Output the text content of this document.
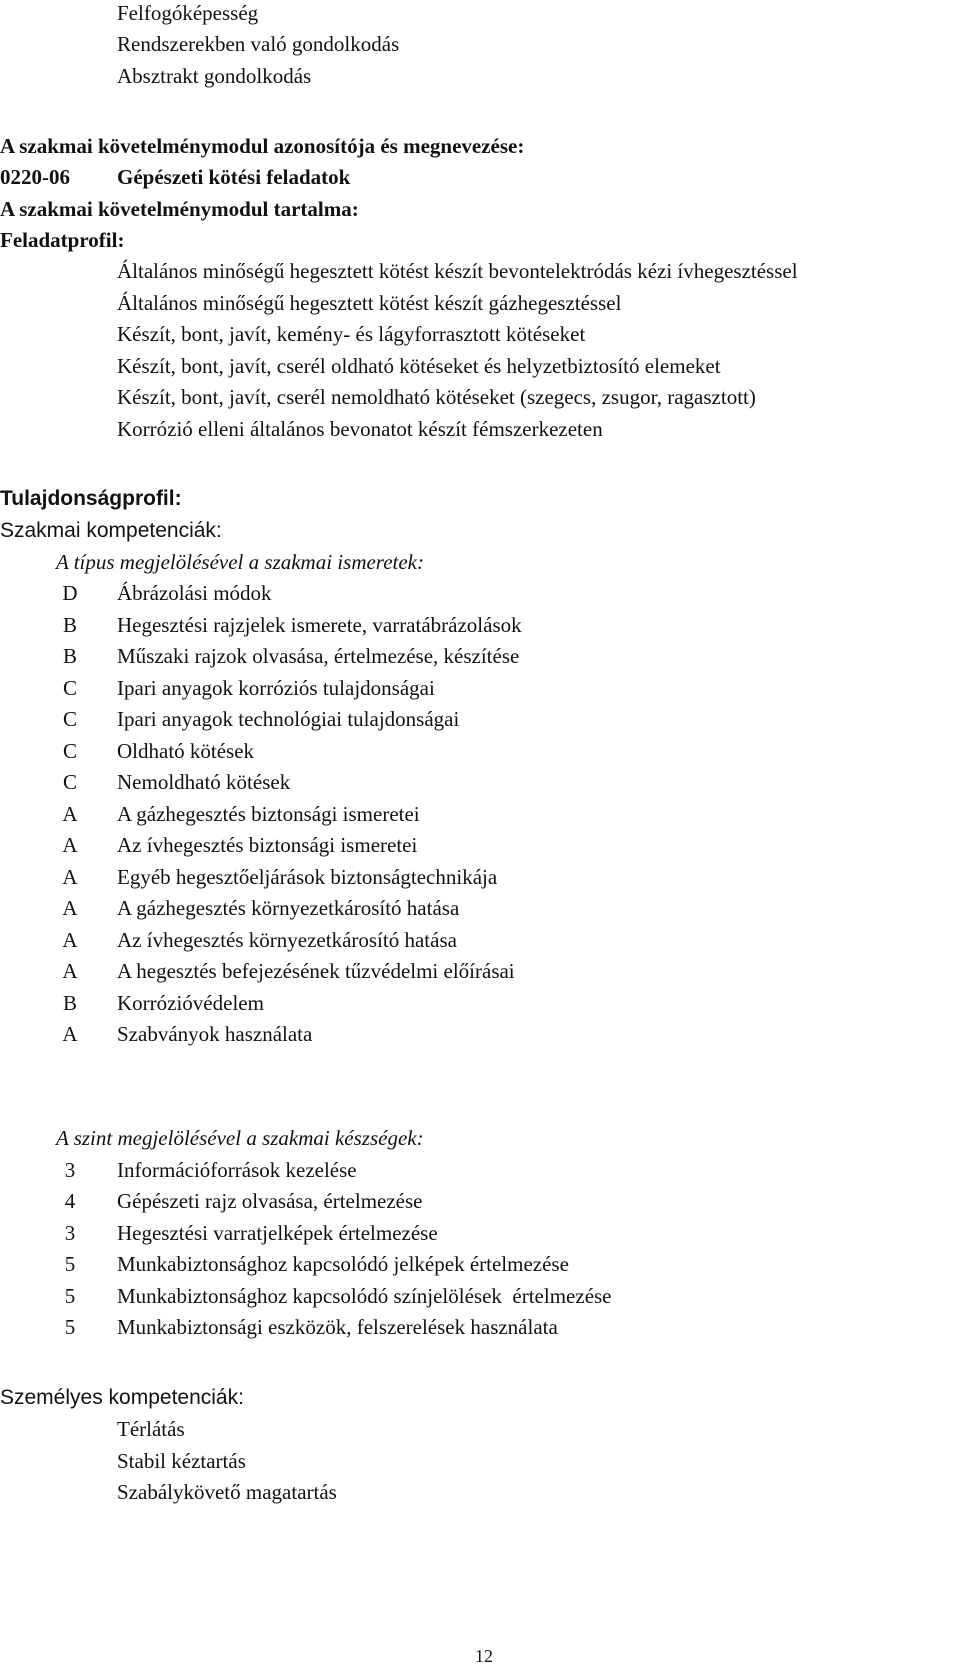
Felfogóképesség
Rendszerekben való gondolkodás
Absztrakt gondolkodás
A szakmai követelménymodul azonosítója és megnevezése:
0220-06 Gépészeti kötési feladatok
A szakmai követelménymodul tartalma:
Feladatprofil:
Általános minőségű hegesztett kötést készít bevontelektródás kézi ívhegesztéssel
Általános minőségű hegesztett kötést készít gázhegesztéssel
Készít, bont, javít, kemény- és lágyforrasztott kötéseket
Készít, bont, javít, cserél oldható kötéseket és helyzetbiztosító elemeket
Készít, bont, javít, cserél nemoldható kötéseket (szegecs, zsugor, ragasztott)
Korrózió elleni általános bevonatot készít fémszerkezeten
Tulajdonságprofil:
Szakmai kompetenciák:
A típus megjelölésével a szakmai ismeretek:
D	Ábrázolási módok
B	Hegesztési rajzjelek ismerete, varratábrázolások
B	Műszaki rajzok olvasása, értelmezése, készítése
C	Ipari anyagok korróziós tulajdonságai
C	Ipari anyagok technológiai tulajdonságai
C	Oldható kötések
C	Nemoldható kötések
A	A gázhegesztés biztonsági ismeretei
A	Az ívhegesztés biztonsági ismeretei
A	Egyéb hegesztőeljárások biztonságtechnikája
A	A gázhegesztés környezetkárosító hatása
A	Az ívhegesztés környezetkárosító hatása
A	A hegesztés befejezésének tűzvédelmi előírásai
B	Korrózióvédelem
A	Szabványok használata
A szint megjelölésével a szakmai készségek:
3	Információforrások kezelése
4	Gépészeti rajz olvasása, értelmezése
3	Hegesztési varratjelképek értelmezése
5	Munkabiztonsághoz kapcsolódó jelképek értelmezése
5	Munkabiztonsághoz kapcsolódó színjelölések  értelmezése
5	Munkabiztonsági eszközök, felszerelések használata
Személyes kompetenciák:
Térlátás
Stabil kéztartás
Szabálykövető magatartás
12
